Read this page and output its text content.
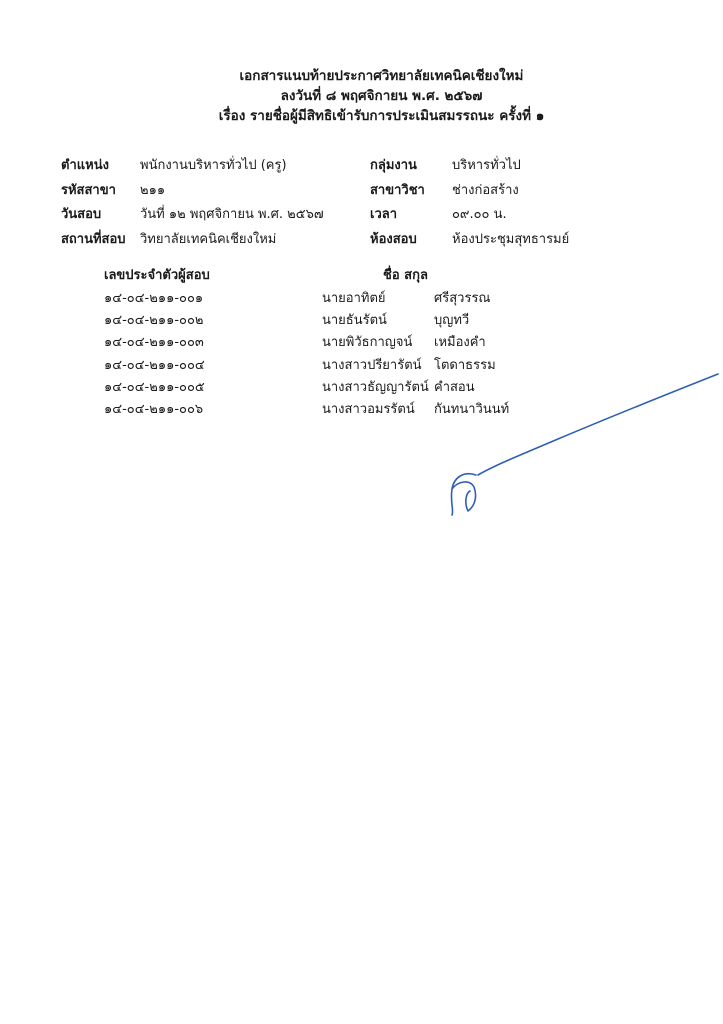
เอกสารแนบท้ายประกาศวิทยาลัยเทคนิคเชียงใหม่

ลงวันที่ ๘ พฤศจิกายน พ.ศ. ๒๕๖๗

เรื่อง รายชื่อผู้มีสิทธิเข้ารับการประเมินสมรรถนะ ครั้งที่ ๑

ตำแหน่ง พนักงานบริหารทั่วไป (ครู)	กลุ่มงาน	บริหารทั่วไป
รหัสสาขา ๒๑๑	สาขาวิชา ช่างก่อสร้าง
วันสอบ	วันที่ ๑๒ พฤศจิกายน พ.ศ. ๒๕๖๗	เวลา	๐๙.๐๐ น.
สถานที่สอบ วิทยาลัยเทคนิคเชียงใหม่	ห้องสอบ	ห้องประชุมสุทธารมย์
เลขประจำตัวผู้สอบ	ชื่อ สกุล
๑๔-๐๔-๒๑๑-๐๐๑	นายอาทิตย์	ศรีสุวรรณ
๑๔-๐๔-๒๑๑-๐๐๒	นายธันรัตน์	บุญทวี
๑๔-๐๔-๒๑๑-๐๐๓	นายพิวัธกาญจน์ เหมืองคำ
๑๔-๐๔-๒๑๑-๐๐๔	นางสาวปรียารัตน์ โตดาธรรม
๑๔-๐๔-๒๑๑-๐๐๕	นางสาวธัญญารัตน์ คำสอน
๑๔-๐๔-๒๑๑-๐๐๖	นางสาวอมรรัตน์ กันทนาวินนท์
